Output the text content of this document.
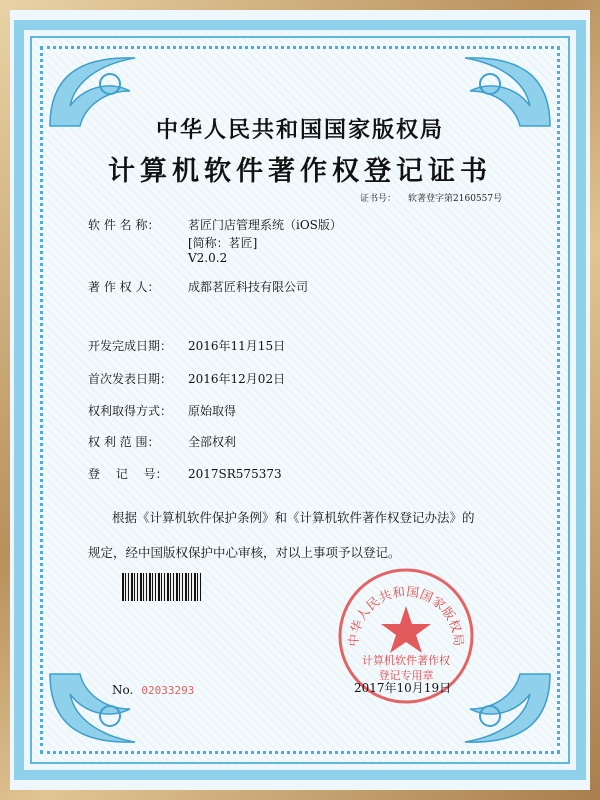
中华人民共和国国家版权局
计算机软件著作权登记证书
证书号： 软著登字第2160557号
软 件 名 称： 茗匠门店管理系统（iOS版）
[简称：茗匠]
V2.0.2
著 作 权 人： 成都茗匠科技有限公司
开发完成日期： 2016年11月15日
首次发表日期： 2016年12月02日
权利取得方式： 原始取得
权 利 范 围： 全部权利
登　 记　 号： 2017SR575373
根据《计算机软件保护条例》和《计算机软件著作权登记办法》的
规定，经中国版权保护中心审核，对以上事项予以登记。
No. 02033293
中华人民共和国国家版权局
计算机软件著作权
登记专用章
2017年10月19日
